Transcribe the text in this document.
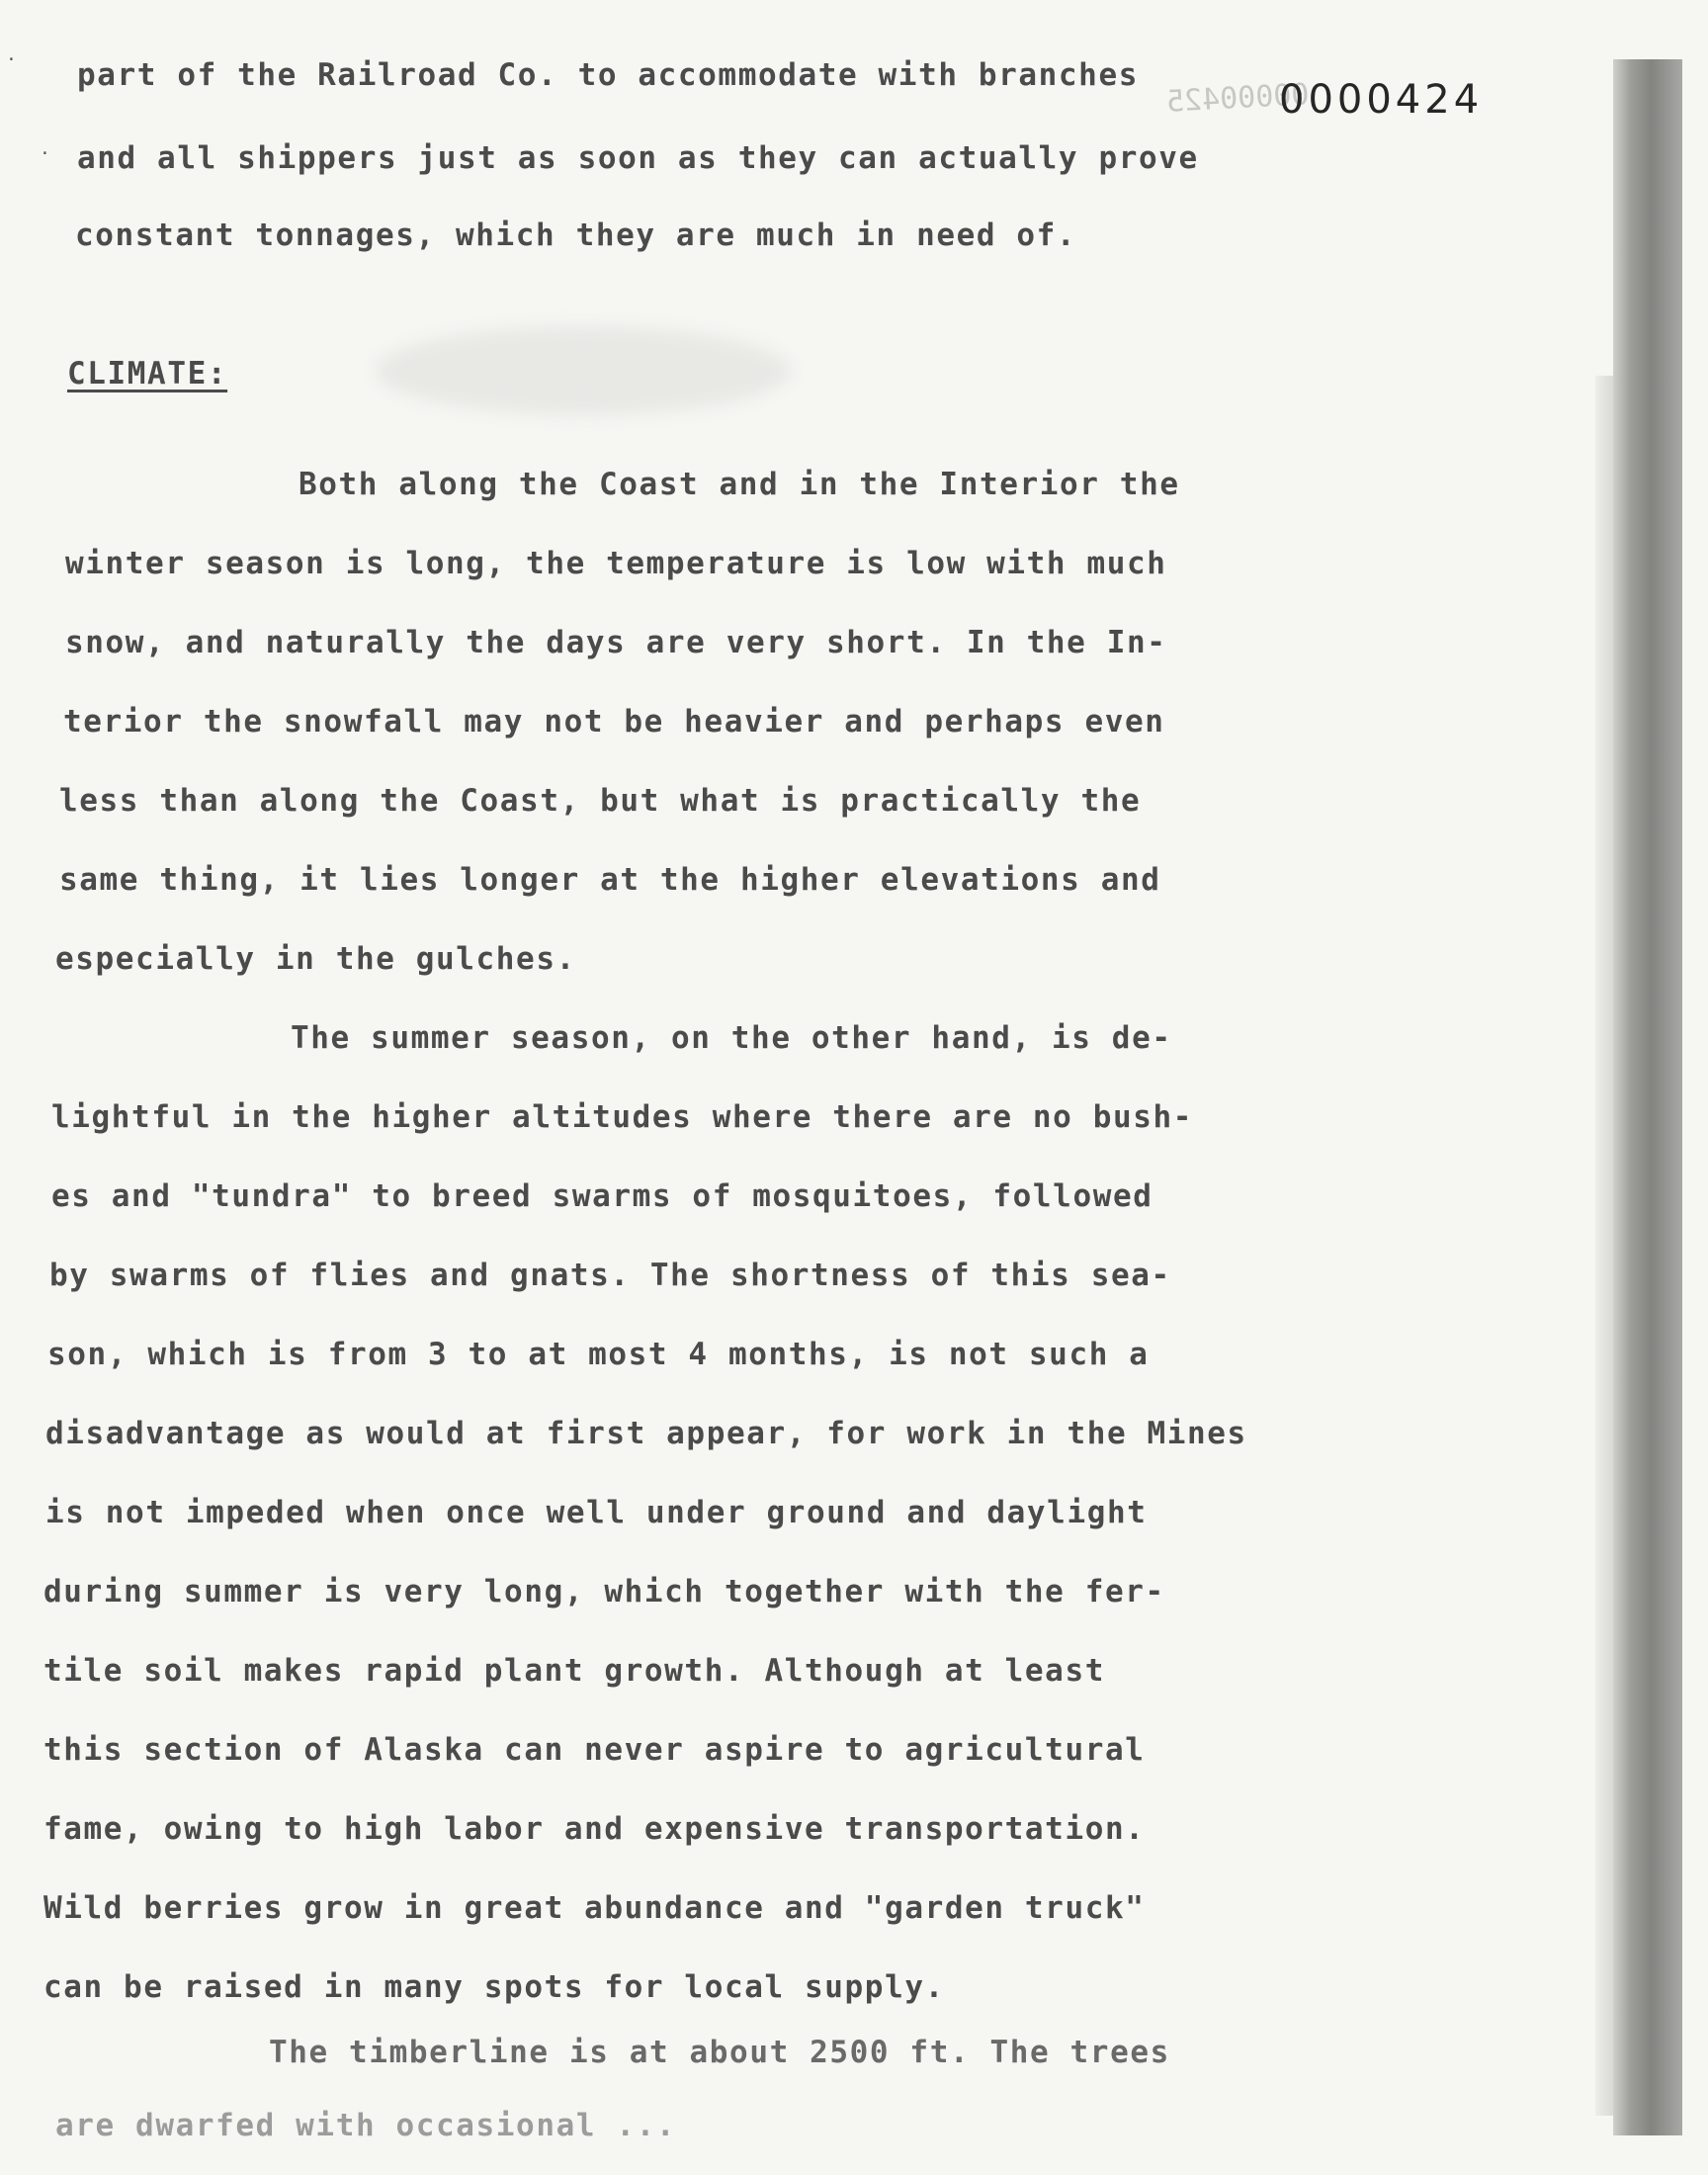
00000425
0000424
·
·
part of the Railroad Co. to accommodate with branches
and all shippers just as soon as they can actually prove
constant tonnages, which they are much in need of.
CLIMATE:
Both along the Coast and in the Interior the
winter season is long, the temperature is low with much
snow, and naturally the days are very short. In the In-
terior the snowfall may not be heavier and perhaps even
less than along the Coast, but what is practically the
same thing, it lies longer at the higher elevations and
especially in the gulches.
The summer season, on the other hand, is de-
lightful in the higher altitudes where there are no bush-
es and "tundra" to breed swarms of mosquitoes, followed
by swarms of flies and gnats. The shortness of this sea-
son, which is from 3 to at most 4 months, is not such a
disadvantage as would at first appear, for work in the Mines
is not impeded when once well under ground and daylight
during summer is very long, which together with the fer-
tile soil makes rapid plant growth. Although at least
this section of Alaska can never aspire to agricultural
fame, owing to high labor and expensive transportation.
Wild berries grow in great abundance and "garden truck"
can be raised in many spots for local supply.
The timberline is at about 2500 ft. The trees
are dwarfed with occasional ...
